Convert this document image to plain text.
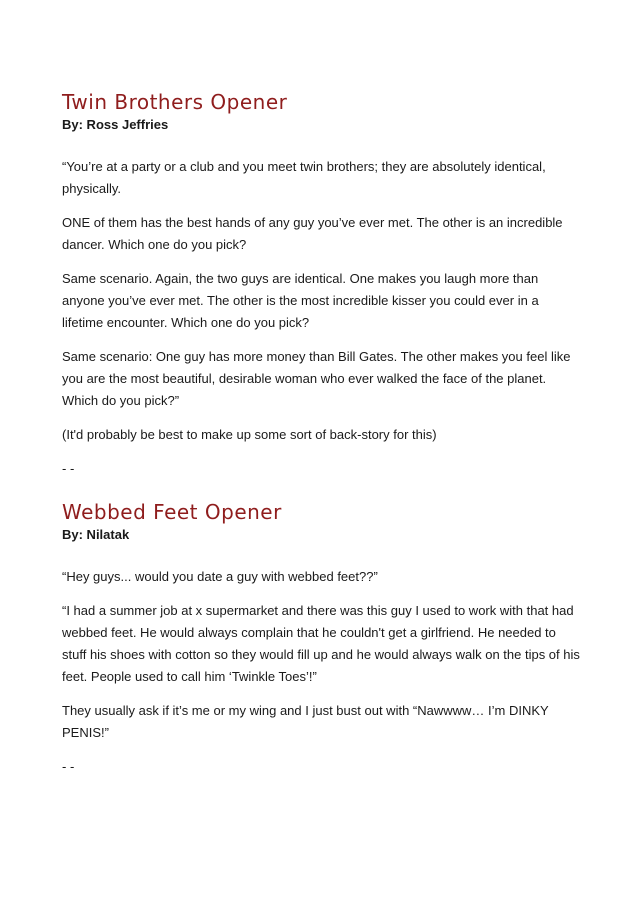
Twin Brothers Opener

By: Ross Jeffries

“You’re at a party or a club and you meet twin brothers; they are absolutely identical, physically.

ONE of them has the best hands of any guy you’ve ever met. The other is an incredible dancer. Which one do you pick?

Same scenario. Again, the two guys are identical. One makes you laugh more than anyone you’ve ever met. The other is the most incredible kisser you could ever in a lifetime encounter. Which one do you pick?

Same scenario: One guy has more money than Bill Gates. The other makes you feel like you are the most beautiful, desirable woman who ever walked the face of the planet. Which do you pick?”

(It'd probably be best to make up some sort of back-story for this)

- -

Webbed Feet Opener

By: Nilatak

“Hey guys... would you date a guy with webbed feet??”

“I had a summer job at x supermarket and there was this guy I used to work with that had webbed feet. He would always complain that he couldn't get a girlfriend. He needed to stuff his shoes with cotton so they would fill up and he would always walk on the tips of his feet. People used to call him ‘Twinkle Toes’!”

They usually ask if it’s me or my wing and I just bust out with “Nawwww… I’m DINKY PENIS!”

- -
